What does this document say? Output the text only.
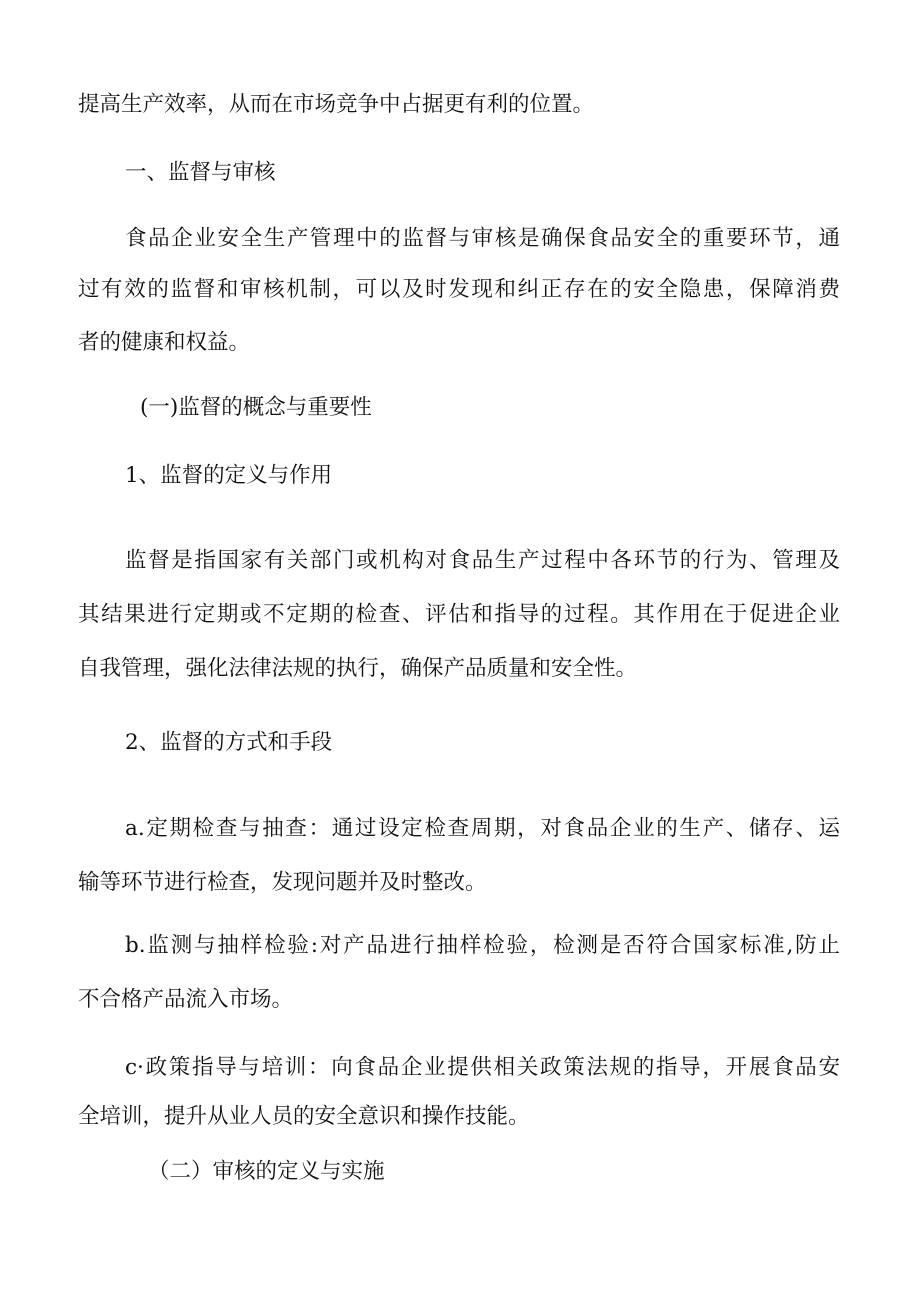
提高生产效率，从而在市场竞争中占据更有利的位置。
一、监督与审核
食品企业安全生产管理中的监督与审核是确保食品安全的重要环节，通
过有效的监督和审核机制，可以及时发现和纠正存在的安全隐患，保障消费
者的健康和权益。
(一)监督的概念与重要性
1、监督的定义与作用
监督是指国家有关部门或机构对食品生产过程中各环节的行为、管理及
其结果进行定期或不定期的检查、评估和指导的过程。其作用在于促进企业
自我管理，强化法律法规的执行，确保产品质量和安全性。
2、监督的方式和手段
a.定期检查与抽查：通过设定检查周期，对食品企业的生产、储存、运
输等环节进行检查，发现问题并及时整改。
b.监测与抽样检验:对产品进行抽样检验，检测是否符合国家标准,防止
不合格产品流入市场。
c·政策指导与培训：向食品企业提供相关政策法规的指导，开展食品安
全培训，提升从业人员的安全意识和操作技能。
（二）审核的定义与实施
